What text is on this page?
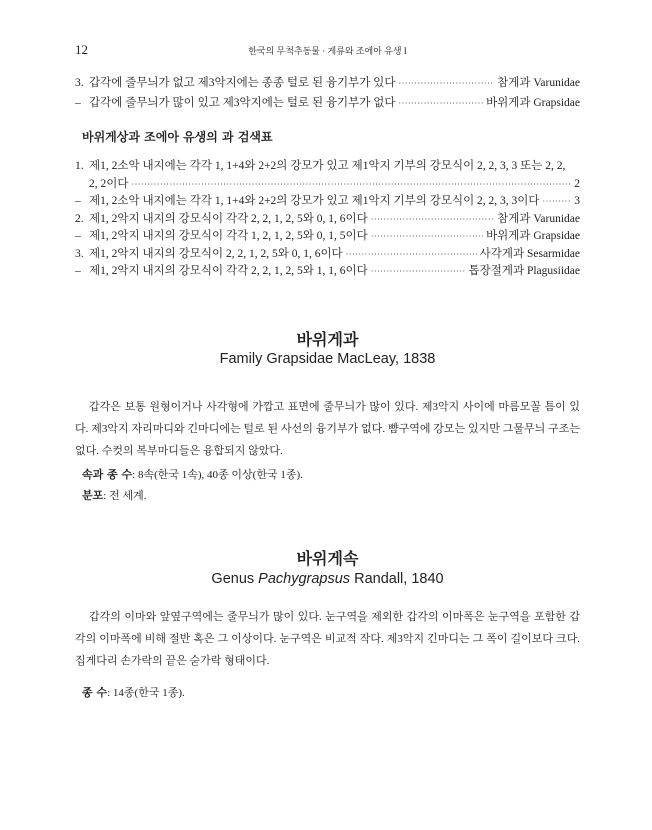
12	한국의 무척추동물 · 게류와 조에아 유생 I
3. 갑각에 줄무늬가 없고 제3악지에는 종종 털로 된 융기부가 있다 ·····	참게과 Varunidae
– 갑각에 줄무늬가 많이 있고 제3악지에는 털로 된 융기부가 없다 ·····	바위게과 Grapsidae
바위게상과 조에아 유생의 과 검색표
1. 제1, 2소악 내지에는 각각 1, 1+4와 2+2의 강모가 있고 제1악지 기부의 강모식이 2, 2, 3, 3 또는 2, 2,
2, 2이다 ·····	2
– 제1, 2소악 내지에는 각각 1, 1+4와 2+2의 강모가 있고 제1악지 기부의 강모식이 2, 2, 3, 3이다 ·····	3
2. 제1, 2악지 내지의 강모식이 각각 2, 2, 1, 2, 5와 0, 1, 6이다 ·····	참게과 Varunidae
– 제1, 2악지 내지의 강모식이 각각 1, 2, 1, 2, 5와 0, 1, 5이다 ·····	바위게과 Grapsidae
3. 제1, 2악지 내지의 강모식이 2, 2, 1, 2, 5와 0, 1, 6이다 ·····	사각게과 Sesarmidae
– 제1, 2악지 내지의 강모식이 각각 2, 2, 1, 2, 5와 1, 1, 6이다 ·····	톱장절게과 Plagusiidae
바위게과
Family Grapsidae MacLeay, 1838
갑각은 보통 원형이거나 사각형에 가깝고 표면에 줄무늬가 많이 있다. 제3악지 사이에 마름모꼴 틈이 있다. 제3악지 자리마디와 긴마디에는 털로 된 사선의 융기부가 없다. 뺨구역에 강모는 있지만 그물무늬 구조는 없다. 수컷의 복부마디들은 융합되지 않았다.
속과 종 수: 8속(한국 1속), 40종 이상(한국 1종).
분포: 전 세계.
바위게속
Genus Pachygrapsus Randall, 1840
갑각의 이마와 앞옆구역에는 줄무늬가 많이 있다. 눈구역을 제외한 갑각의 이마폭은 눈구역을 포함한 갑각의 이마폭에 비해 절반 혹은 그 이상이다. 눈구역은 비교적 작다. 제3악지 긴마디는 그 폭이 길이보다 크다. 집게다리 손가락의 끝은 숟가락 형태이다.
종 수: 14종(한국 1종).
